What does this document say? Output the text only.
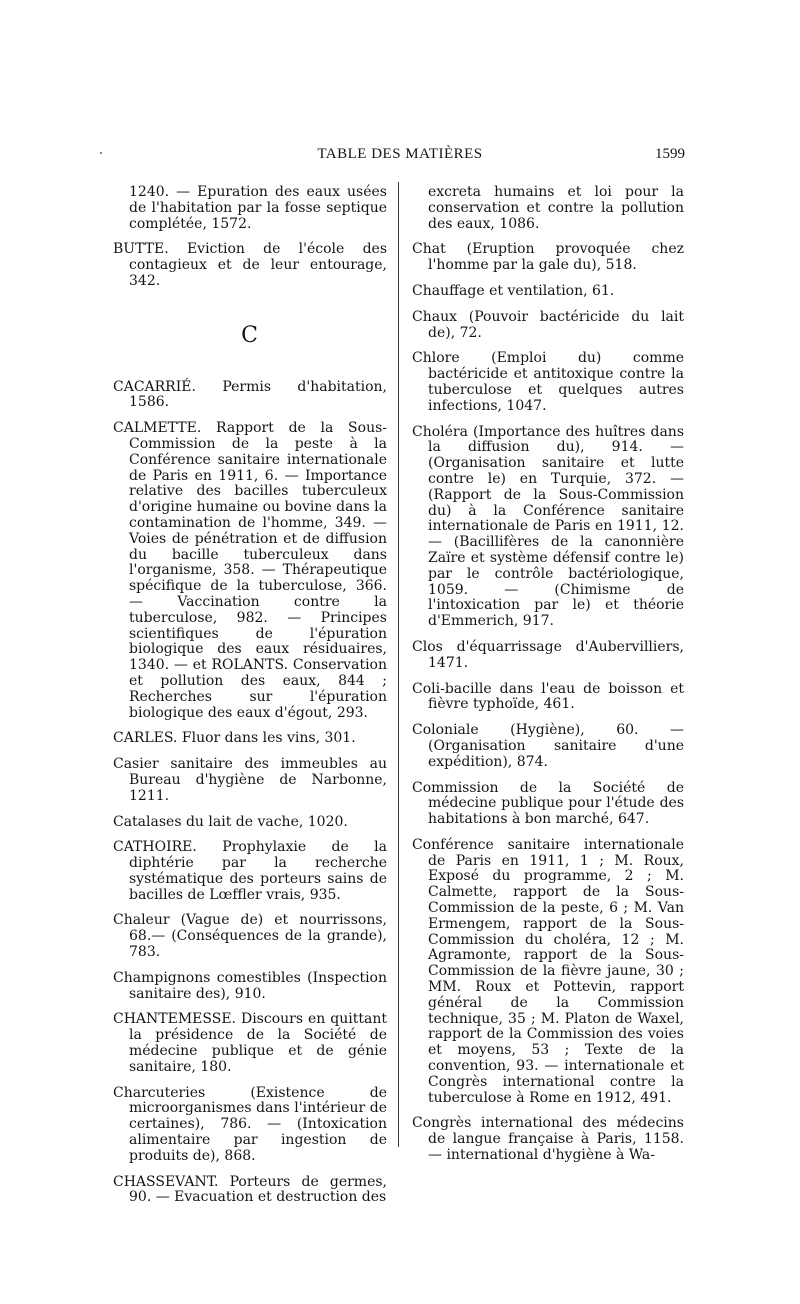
TABLE DES MATIÈRES	1599

1240. — Epuration des eaux usées de l'habitation par la fosse septique complétée, 1572.

BUTTE. Eviction de l'école des contagieux et de leur entourage, 342.

C

CACARRIÉ. Permis d'habitation, 1586.

CALMETTE. Rapport de la Sous-Commission de la peste à la Conférence sanitaire internationale de Paris en 1911, 6. — Importance relative des bacilles tuberculeux d'origine humaine ou bovine dans la contamination de l'homme, 349. — Voies de pénétration et de diffusion du bacille tuberculeux dans l'organisme, 358. — Thérapeutique spécifique de la tuberculose, 366. — Vaccination contre la tuberculose, 982. — Principes scientifiques de l'épuration biologique des eaux résiduaires, 1340. — et ROLANTS. Conservation et pollution des eaux, 844 ; Recherches sur l'épuration biologique des eaux d'égout, 293.

CARLES. Fluor dans les vins, 301.

Casier sanitaire des immeubles au Bureau d'hygiène de Narbonne, 1211.

Catalases du lait de vache, 1020.

CATHOIRE. Prophylaxie de la diphtérie par la recherche systématique des porteurs sains de bacilles de Lœffler vrais, 935.

Chaleur (Vague de) et nourrissons, 68.— (Conséquences de la grande), 783.

Champignons comestibles (Inspection sanitaire des), 910.

CHANTEMESSE. Discours en quittant la présidence de la Société de médecine publique et de génie sanitaire, 180.

Charcuteries (Existence de microorganismes dans l'intérieur de certaines), 786. — (Intoxication alimentaire par ingestion de produits de), 868.

CHASSEVANT. Porteurs de germes, 90. — Evacuation et destruction des

excreta humains et loi pour la conservation et contre la pollution des eaux, 1086.

Chat (Eruption provoquée chez l'homme par la gale du), 518.

Chauffage et ventilation, 61.

Chaux (Pouvoir bactéricide du lait de), 72.

Chlore (Emploi du) comme bactéricide et antitoxique contre la tuberculose et quelques autres infections, 1047.

Choléra (Importance des huîtres dans la diffusion du), 914. — (Organisation sanitaire et lutte contre le) en Turquie, 372. — (Rapport de la Sous-Commission du) à la Conférence sanitaire internationale de Paris en 1911, 12.— (Bacillifères de la canonnière Zaïre et système défensif contre le) par le contrôle bactériologique, 1059. — (Chimisme de l'intoxication par le) et théorie d'Emmerich, 917.

Clos d'équarrissage d'Aubervilliers, 1471.

Coli-bacille dans l'eau de boisson et fièvre typhoïde, 461.

Coloniale (Hygiène), 60. — (Organisation sanitaire d'une expédition), 874.

Commission de la Société de médecine publique pour l'étude des habitations à bon marché, 647.

Conférence sanitaire internationale de Paris en 1911, 1 ; M. Roux, Exposé du programme, 2 ; M. Calmette, rapport de la Sous-Commission de la peste, 6 ; M. Van Ermengem, rapport de la Sous-Commission du choléra, 12 ; M. Agramonte, rapport de la Sous-Commission de la fièvre jaune, 30 ; MM. Roux et Pottevin, rapport général de la Commission technique, 35 ; M. Platon de Waxel, rapport de la Commission des voies et moyens, 53 ; Texte de la convention, 93. — internationale et Congrès international contre la tuberculose à Rome en 1912, 491.

Congrès international des médecins de langue française à Paris, 1158. — international d'hygiène à Wa-
